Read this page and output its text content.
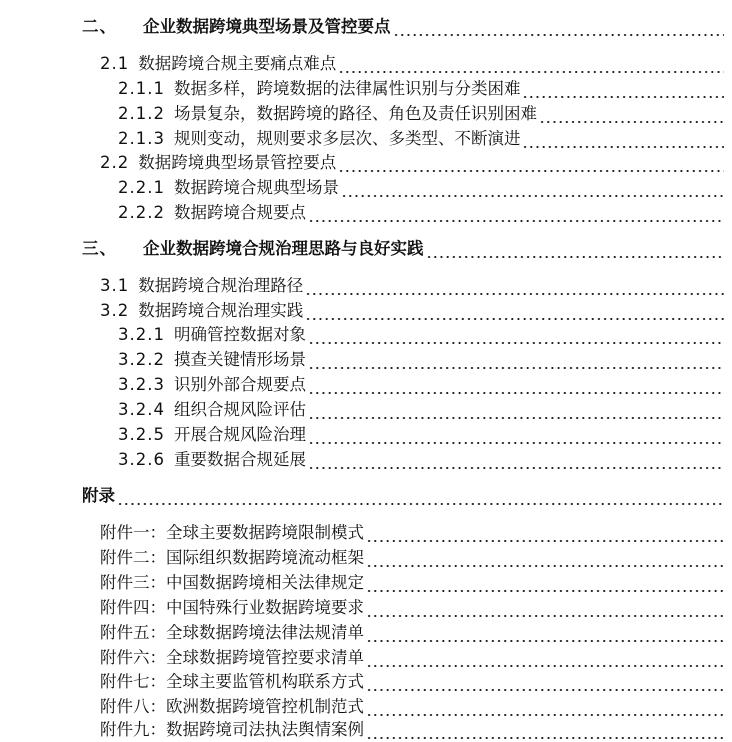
二、 企业数据跨境典型场景及管控要点
2.1 数据跨境合规主要痛点难点
2.1.1 数据多样，跨境数据的法律属性识别与分类困难
2.1.2 场景复杂，数据跨境的路径、角色及责任识别困难
2.1.3 规则变动，规则要求多层次、多类型、不断演进
2.2 数据跨境典型场景管控要点
2.2.1 数据跨境合规典型场景
2.2.2 数据跨境合规要点
三、 企业数据跨境合规治理思路与良好实践
3.1 数据跨境合规治理路径
3.2 数据跨境合规治理实践
3.2.1 明确管控数据对象
3.2.2 摸查关键情形场景
3.2.3 识别外部合规要点
3.2.4 组织合规风险评估
3.2.5 开展合规风险治理
3.2.6 重要数据合规延展
附录
附件一：全球主要数据跨境限制模式
附件二：国际组织数据跨境流动框架
附件三：中国数据跨境相关法律规定
附件四：中国特殊行业数据跨境要求
附件五：全球数据跨境法律法规清单
附件六：全球数据跨境管控要求清单
附件七：全球主要监管机构联系方式
附件八：欧洲数据跨境管控机制范式
附件九：数据跨境司法执法舆情案例
